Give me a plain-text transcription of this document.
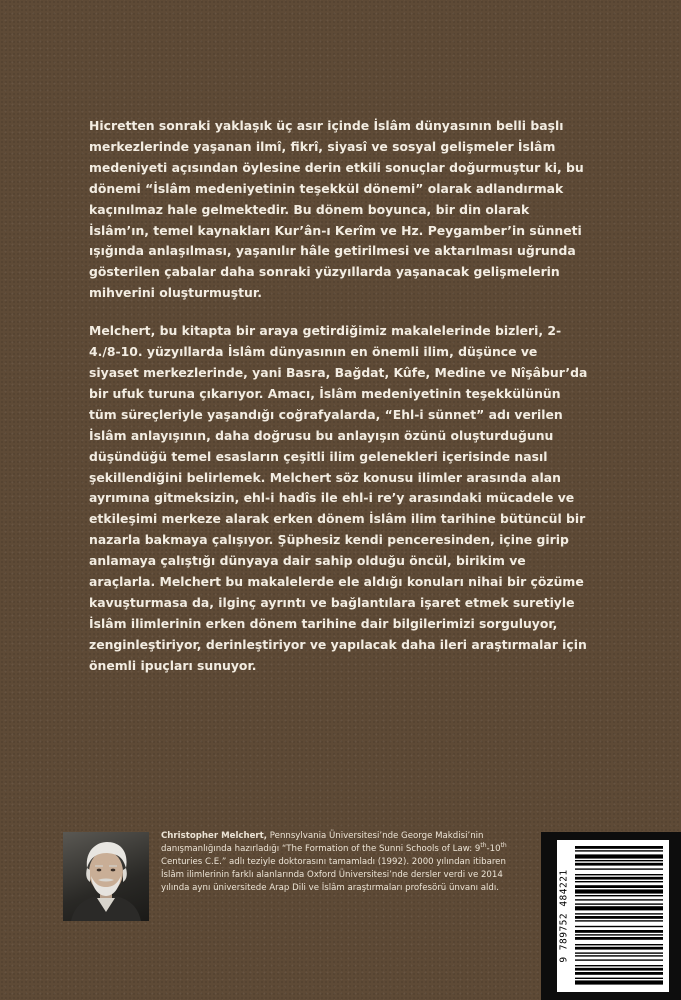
Hicretten sonraki yaklaşık üç asır içinde İslâm dünyasının belli başlı merkezlerinde yaşanan ilmî, fikrî, siyasî ve sosyal gelişmeler İslâm medeniyeti açısından öylesine derin etkili sonuçlar doğurmuştur ki, bu dönemi “İslâm medeniyetinin teşekkül dönemi” olarak adlandırmak kaçınılmaz hale gelmektedir. Bu dönem boyunca, bir din olarak İslâm’ın, temel kaynakları Kur’ân-ı Kerîm ve Hz. Peygamber’in sünneti ışığında anlaşılması, yaşanılır hâle getirilmesi ve aktarılması uğrunda gösterilen çabalar daha sonraki yüzyıllarda yaşanacak gelişmelerin mihverini oluşturmuştur.

Melchert, bu kitapta bir araya getirdiğimiz makalelerinde bizleri, 2-4./8-10. yüzyıllarda İslâm dünyasının en önemli ilim, düşünce ve siyaset merkezlerinde, yani Basra, Bağdat, Kûfe, Medine ve Nîşâbur’da bir ufuk turuna çıkarıyor. Amacı, İslâm medeniyetinin teşekkülünün tüm süreçleriyle yaşandığı coğrafyalarda, “Ehl-i sünnet” adı verilen İslâm anlayışının, daha doğrusu bu anlayışın özünü oluşturduğunu düşündüğü temel esasların çeşitli ilim gelenekleri içerisinde nasıl şekillendiğini belirlemek. Melchert söz konusu ilimler arasında alan ayrımına gitmeksizin, ehl-i hadîs ile ehl-i re’y arasındaki mücadele ve etkileşimi merkeze alarak erken dönem İslâm ilim tarihine bütüncül bir nazarla bakmaya çalışıyor. Şüphesiz kendi penceresinden, içine girip anlamaya çalıştığı dünyaya dair sahip olduğu öncül, birikim ve araçlarla. Melchert bu makalelerde ele aldığı konuları nihai bir çözüme kavuşturmasa da, ilginç ayrıntı ve bağlantılara işaret etmek suretiyle İslâm ilimlerinin erken dönem tarihine dair bilgilerimizi sorguluyor, zenginleştiriyor, derinleştiriyor ve yapılacak daha ileri araştırmalar için önemli ipuçları sunuyor.

Christopher Melchert, Pennsylvania Üniversitesi’nde George Makdisi’nin danışmanlığında hazırladığı “The Formation of the Sunni Schools of Law: 9th-10th Centuries C.E.” adlı teziyle doktorasını tamamladı (1992). 2000 yılından itibaren İslâm ilimlerinin farklı alanlarında Oxford Üniversitesi’nde dersler verdi ve 2014 yılında aynı üniversitede Arap Dili ve İslâm araştırmaları profesörü ünvanı aldı.	9 789752 484221
